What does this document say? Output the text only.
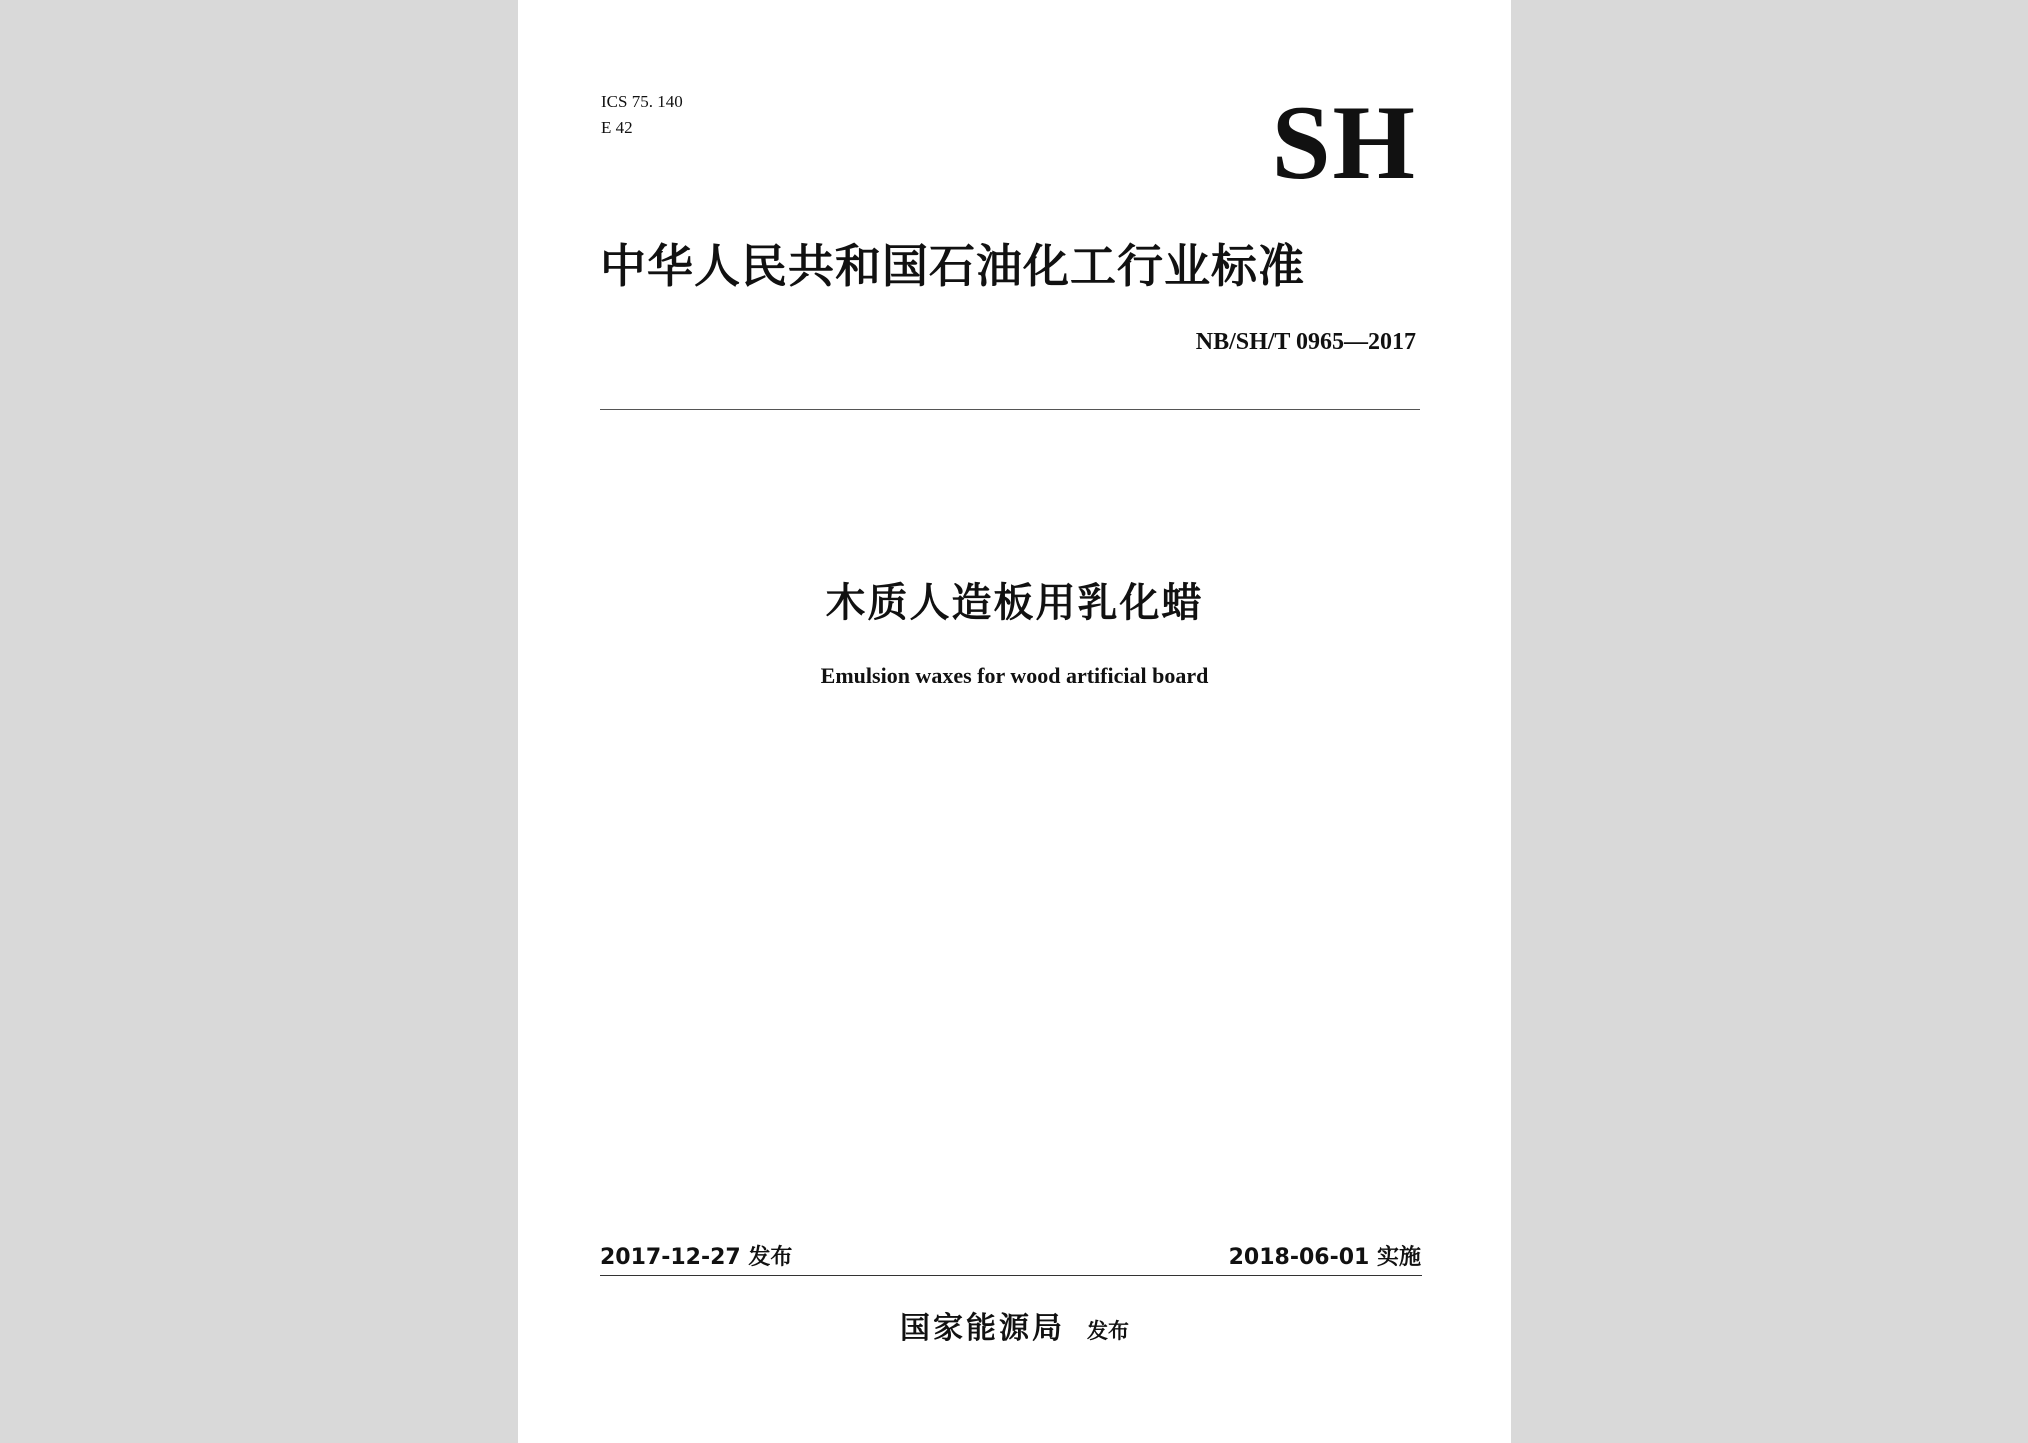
ICS 75. 140
E 42	SH
中华人民共和国石油化工行业标准
NB/SH/T 0965—2017
木质人造板用乳化蜡
Emulsion waxes for wood artificial board
2017-12-27 发布	2018-06-01 实施
国家能源局 发布
